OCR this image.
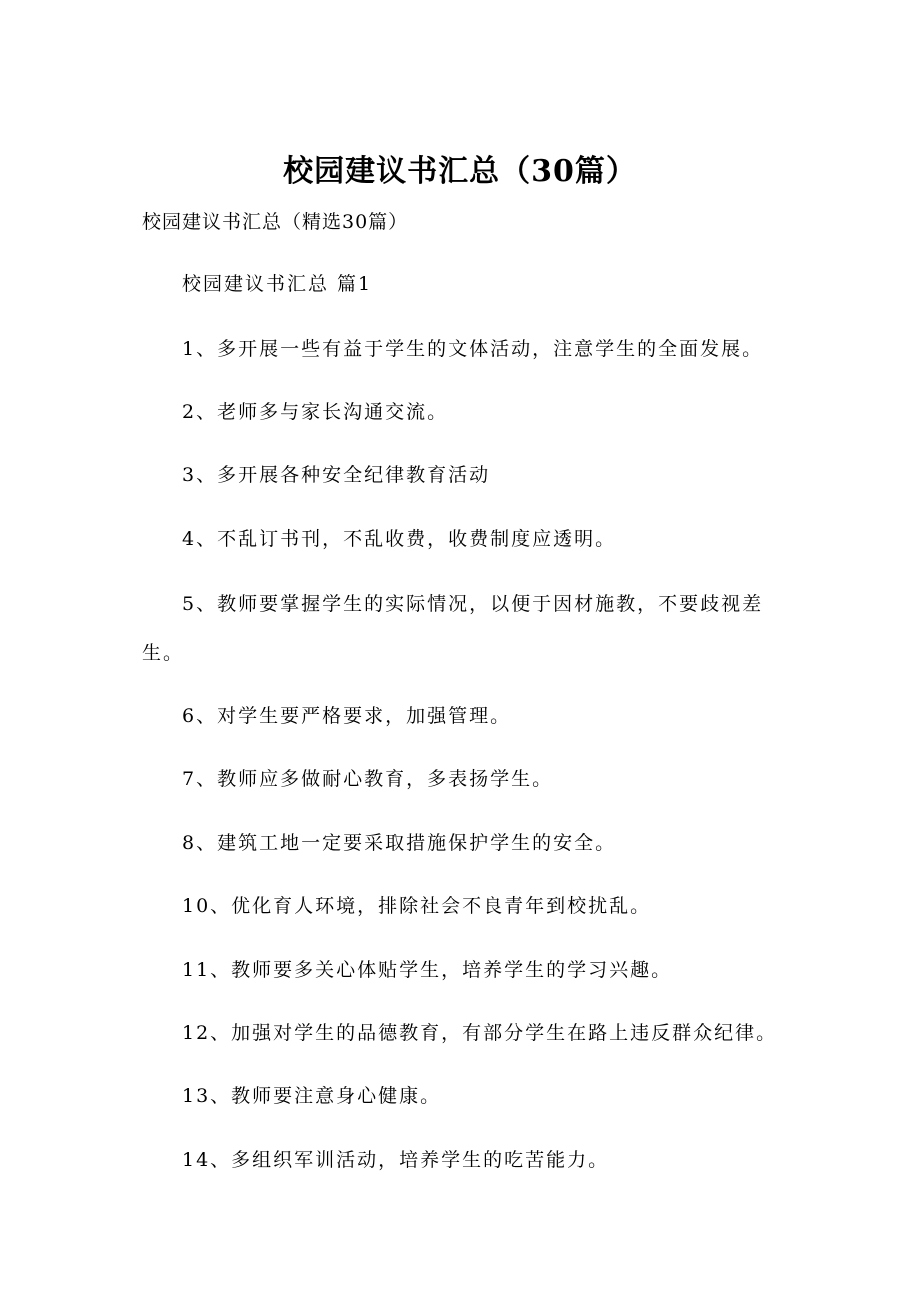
校园建议书汇总（30篇）
校园建议书汇总（精选30篇）
校园建议书汇总 篇1
1、多开展一些有益于学生的文体活动，注意学生的全面发展。
2、老师多与家长沟通交流。
3、多开展各种安全纪律教育活动
4、不乱订书刊，不乱收费，收费制度应透明。
5、教师要掌握学生的实际情况，以便于因材施教，不要歧视差
生。
6、对学生要严格要求，加强管理。
7、教师应多做耐心教育，多表扬学生。
8、建筑工地一定要采取措施保护学生的安全。
10、优化育人环境，排除社会不良青年到校扰乱。
11、教师要多关心体贴学生，培养学生的学习兴趣。
12、加强对学生的品德教育，有部分学生在路上违反群众纪律。
13、教师要注意身心健康。
14、多组织军训活动，培养学生的吃苦能力。
